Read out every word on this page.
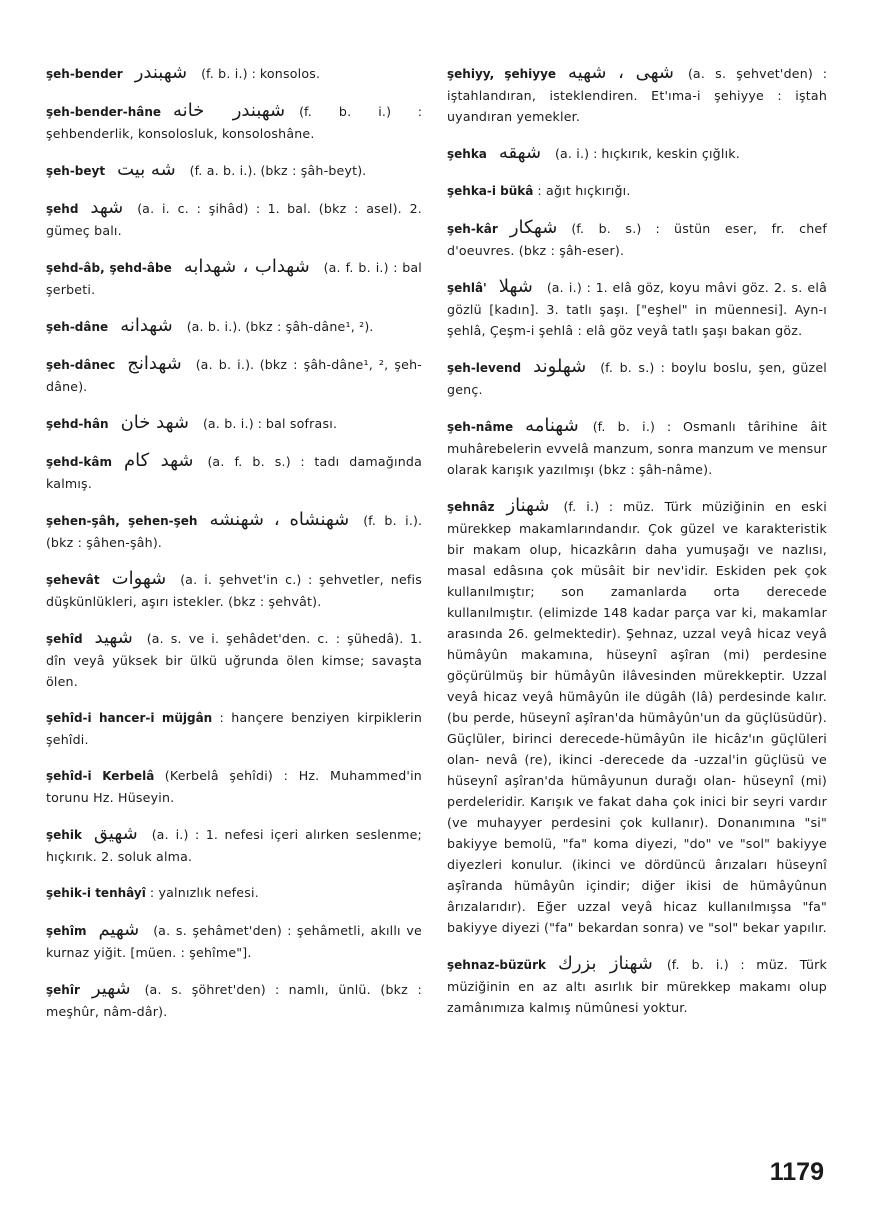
şeh-bender شهبندر (f. b. i.) : konsolos.
şeh-bender-hâne شهبندر خانه (f. b. i.) : şehbenderlik, konsolosluk, konsoloshâne.
şeh-beyt شه بيت (f. a. b. i.). (bkz : şâh-beyt).
şehd شهد (a. i. c. : şihâd) : 1. bal. (bkz : asel). 2. gümeç balı.
şehd-âb, şehd-âbe شهداب ، شهدابه (a. f. b. i.) : bal şerbeti.
şeh-dâne شهدانه (a. b. i.). (bkz : şâh-dâne¹, ²).
şeh-dânec شهدانج (a. b. i.). (bkz : şâh-dâne¹, ², şeh-dâne).
şehd-hân شهد خان (a. b. i.) : bal sofrası.
şehd-kâm شهد كام (a. f. b. s.) : tadı damağında kalmış.
şehen-şâh, şehen-şeh شهنشاه ، شهنشه (f. b. i.). (bkz : şâhen-şâh).
şehevât شهوات (a. i. şehvet'in c.) : şehvetler, nefis düşkünlükleri, aşırı istekler. (bkz : şehvât).
şehîd شهيد (a. s. ve i. şehâdet'den. c. : şühedâ). 1. dîn veyâ yüksek bir ülkü uğrunda ölen kimse; savaşta ölen.
şehîd-i hancer-i müjgân : hançere benziyen kirpiklerin şehîdi.
şehîd-i Kerbelâ (Kerbelâ şehîdi) : Hz. Muhammed'in torunu Hz. Hüseyin.
şehik شهيق (a. i.) : 1. nefesi içeri alırken seslenme; hıçkırık. 2. soluk alma.
şehik-i tenhâyî : yalnızlık nefesi.
şehîm شهيم (a. s. şehâmet'den) : şehâmetli, akıllı ve kurnaz yiğit. [müen. : şehîme"].
şehîr شهير (a. s. şöhret'den) : namlı, ünlü. (bkz : meşhûr, nâm-dâr).
şehiyy, şehiyye شهى ، شهيه (a. s. şehvet'den) : iştahlandıran, isteklendiren. Et'ıma-i şehiyye : iştah uyandıran yemekler.
şehka شهقه (a. i.) : hıçkırık, keskin çığlık.
şehka-i bükâ : ağıt hıçkırığı.
şeh-kâr شهكار (f. b. s.) : üstün eser, fr. chef d'oeuvres. (bkz : şâh-eser).
şehlâ' شهلا (a. i.) : 1. elâ göz, koyu mâvi göz. 2. s. elâ gözlü [kadın]. 3. tatlı şaşı. ["eşhel" in müennesi]. Ayn-ı şehlâ, Çeşm-i şehlâ : elâ göz veyâ tatlı şaşı bakan göz.
şeh-levend شهلوند (f. b. s.) : boylu boslu, şen, güzel genç.
şeh-nâme شهنامه (f. b. i.) : Osmanlı târihine âit muhârebelerin evvelâ manzum, sonra manzum ve mensur olarak karışık yazılmışı (bkz : şâh-nâme).
şehnâz شهناز (f. i.) : müz. Türk müziğinin en eski mürekkep makamlarındandır. Çok güzel ve karakteristik bir makam olup, hicazkârın daha yumuşağı ve nazlısı, masal edâsına çok müsâit bir nev'idir. Eskiden pek çok kullanılmıştır; son zamanlarda orta derecede kullanılmıştır. (elimizde 148 kadar parça var ki, makamlar arasında 26. gelmektedir). Şehnaz, uzzal veyâ hicaz veyâ hümâyûn makamına, hüseynî aşîran (mi) perdesine göçürülmüş bir hümâyûn ilâvesinden mürekkeptir. Uzzal veyâ hicaz veyâ hümâyûn ile dügâh (lâ) perdesinde kalır. (bu perde, hüseynî aşîran'da hümâyûn'un da güçlüsüdür). Güçlüler, birinci derecede-hümâyûn ile hicâz'ın güçlüleri olan- nevâ (re), ikinci -derecede da -uzzal'in güçlüsü ve hüseynî aşîran'da hümâyunun durağı olan- hüseynî (mi) perdeleridir. Karışık ve fakat daha çok inici bir seyri vardır (ve muhayyer perdesini çok kullanır). Donanımına "si" bakiyye bemolü, "fa" koma diyezi, "do" ve "sol" bakiyye diyezleri konulur. (ikinci ve dördüncü ârızaları hüseynî aşîranda hümâyûn içindir; diğer ikisi de hümâyûnun ârızalarıdır). Eğer uzzal veyâ hicaz kullanılmışsa "fa" bakiyye diyezi ("fa" bekardan sonra) ve "sol" bekar yapılır.
şehnaz-büzürk شهناز بزرك (f. b. i.) : müz. Türk müziğinin en az altı asırlık bir mürekkep makamı olup zamânımıza kalmış nümûnesi yoktur.
1179
